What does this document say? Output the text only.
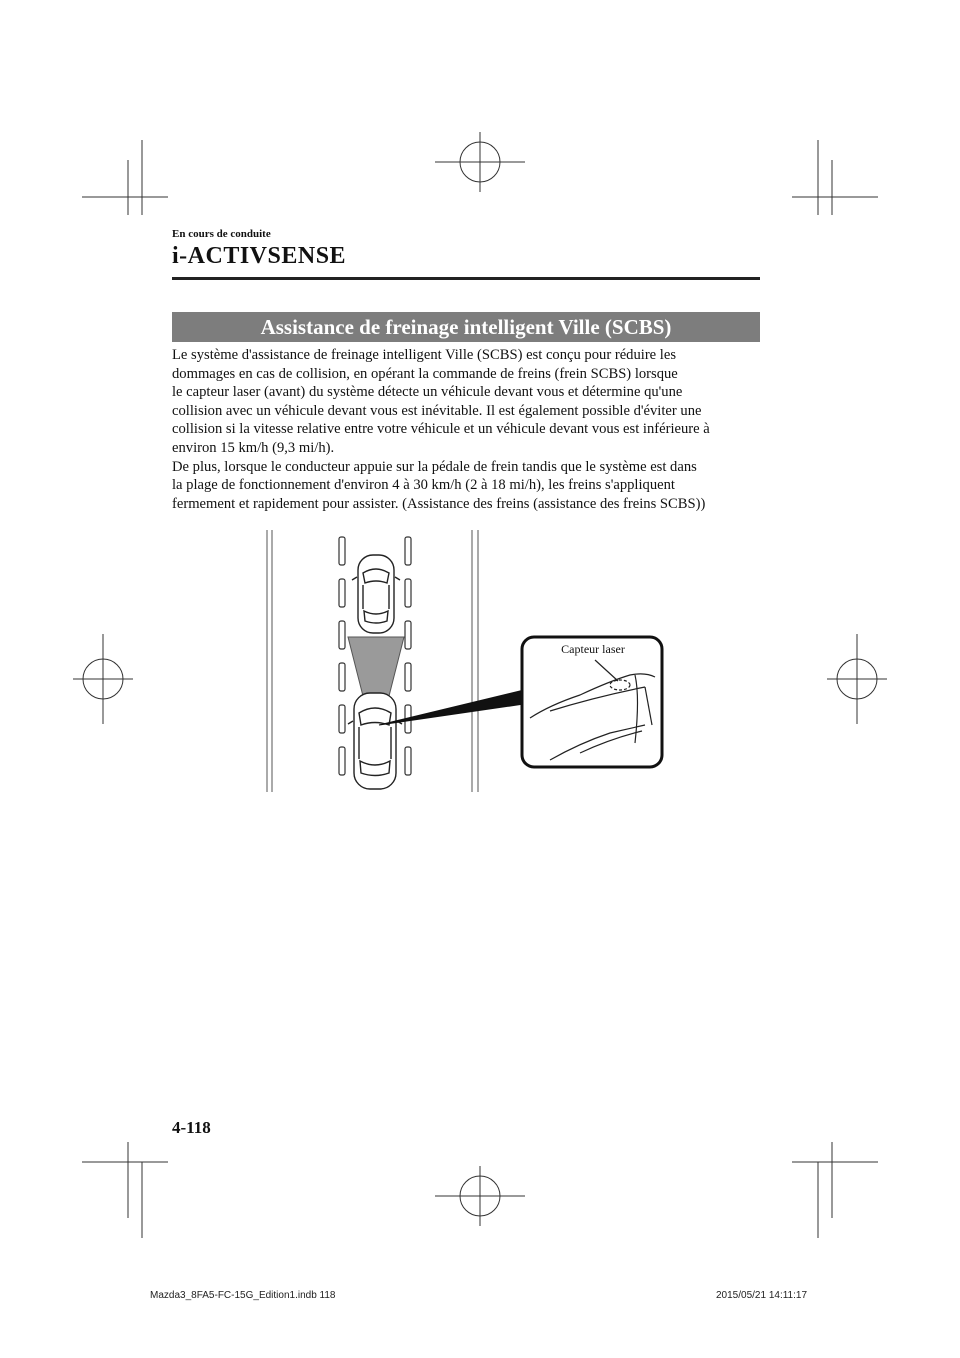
En cours de conduite
i-ACTIVSENSE
Assistance de freinage intelligent Ville (SCBS)
Le système d'assistance de freinage intelligent Ville (SCBS) est conçu pour réduire les
dommages en cas de collision, en opérant la commande de freins (frein SCBS) lorsque
le capteur laser (avant) du système détecte un véhicule devant vous et détermine qu'une
collision avec un véhicule devant vous est inévitable. Il est également possible d'éviter une
collision si la vitesse relative entre votre véhicule et un véhicule devant vous est inférieure à
environ 15 km/h (9,3 mi/h).
De plus, lorsque le conducteur appuie sur la pédale de frein tandis que le système est dans
la plage de fonctionnement d'environ 4 à 30 km/h (2 à 18 mi/h), les freins s'appliquent
fermement et rapidement pour assister. (Assistance des freins (assistance des freins SCBS))
Capteur laser
4-118
Mazda3_8FA5-FC-15G_Edition1.indb 118	2015/05/21 14:11:17
